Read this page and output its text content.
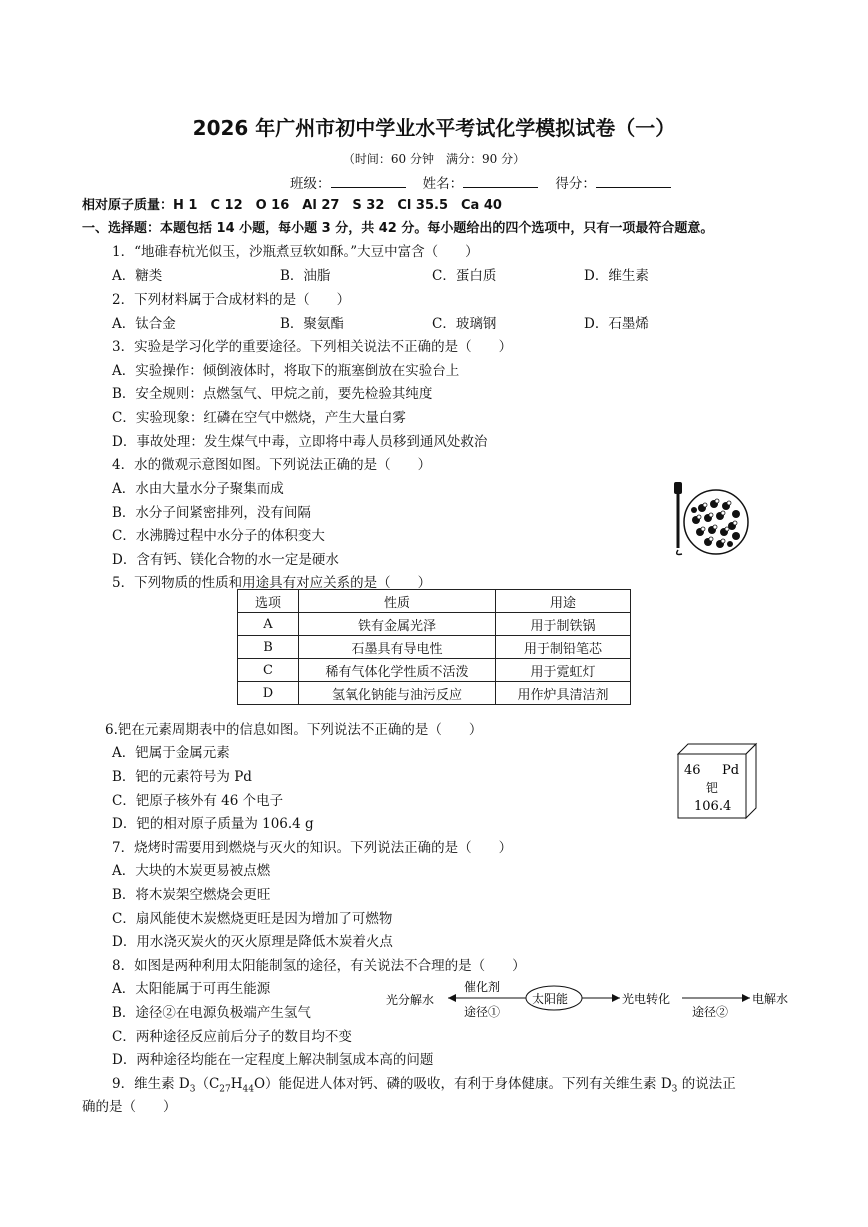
2026 年广州市初中学业水平考试化学模拟试卷（一）
（时间：60 分钟　满分：90 分）
班级：	姓名：	得分：
相对原子质量：H 1　C 12　O 16　Al 27　S 32　Cl 35.5　Ca 40
一、选择题：本题包括 14 小题，每小题 3 分，共 42 分。每小题给出的四个选项中，只有一项最符合题意。
1．“地碓春杭光似玉，沙瓶煮豆软如酥。”大豆中富含（　　）
A．糖类	B．油脂	C．蛋白质	D．维生素
2．下列材料属于合成材料的是（　　）
A．钛合金	B．聚氨酯	C．玻璃钢	D．石墨烯
3．实验是学习化学的重要途径。下列相关说法不正确的是（　　）
A．实验操作：倾倒液体时，将取下的瓶塞倒放在实验台上
B．安全规则：点燃氢气、甲烷之前，要先检验其纯度
C．实验现象：红磷在空气中燃烧，产生大量白雾
D．事故处理：发生煤气中毒，立即将中毒人员移到通风处救治
4．水的微观示意图如图。下列说法正确的是（　　）
A．水由大量水分子聚集而成
B．水分子间紧密排列，没有间隔
C．水沸腾过程中水分子的体积变大
D．含有钙、镁化合物的水一定是硬水
5．下列物质的性质和用途具有对应关系的是（　　）
选项	性质	用途
A	铁有金属光泽	用于制铁锅
B	石墨具有导电性	用于制铅笔芯
C	稀有气体化学性质不活泼	用于霓虹灯
D	氢氧化钠能与油污反应	用作炉具清洁剂
6.钯在元素周期表中的信息如图。下列说法不正确的是（　　）
A．钯属于金属元素
B．钯的元素符号为 Pd
C．钯原子核外有 46 个电子
D．钯的相对原子质量为 106.4 g
46 Pd
钯
106.4
7．烧烤时需要用到燃烧与灭火的知识。下列说法正确的是（　　）
A．大块的木炭更易被点燃
B．将木炭架空燃烧会更旺
C．扇风能使木炭燃烧更旺是因为增加了可燃物
D．用水浇灭炭火的灭火原理是降低木炭着火点
8．如图是两种利用太阳能制氢的途径，有关说法不合理的是（　　）
A．太阳能属于可再生能源
B．途径②在电源负极端产生氢气
C．两种途径反应前后分子的数目均不变
D．两种途径均能在一定程度上解决制氢成本高的问题
光分解水
催化剂
途径①
太阳能	光电转化
途径②
电解水
9．维生素 $D_3(C_{27}H_{44}O)$能促进人体对钙、磷的吸收，有利于身体健康。下列有关维生素 $D_3$ 的说法正
确的是（　　）
